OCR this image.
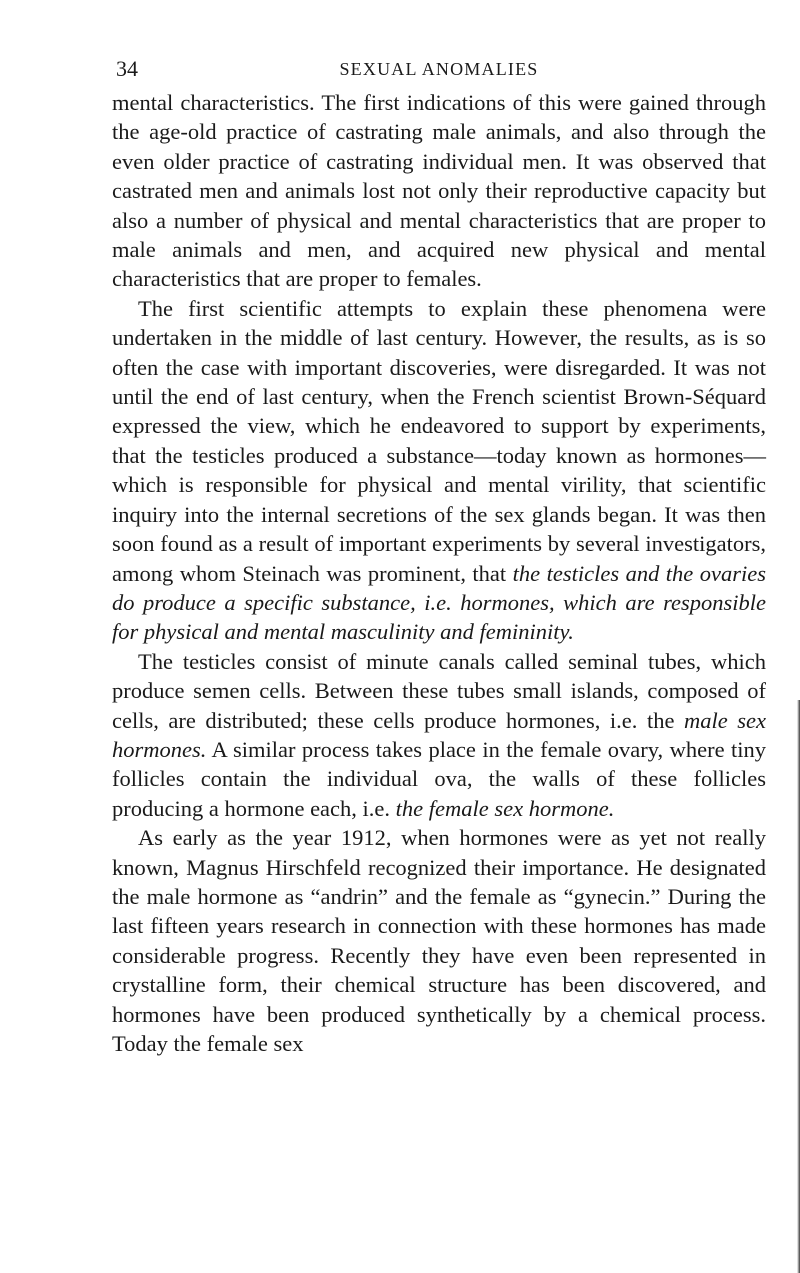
34	SEXUAL ANOMALIES

mental characteristics. The first indications of this were gained through the age-old practice of castrating male animals, and also through the even older practice of castrating individual men. It was observed that castrated men and animals lost not only their reproductive capacity but also a number of physical and mental characteristics that are proper to male animals and men, and acquired new physical and mental characteristics that are proper to females.

The first scientific attempts to explain these phenomena were undertaken in the middle of last century. However, the results, as is so often the case with important discoveries, were disregarded. It was not until the end of last century, when the French scientist Brown-Séquard expressed the view, which he endeavored to support by experiments, that the testicles produced a substance—today known as hormones—which is responsible for physical and mental virility, that scientific inquiry into the internal secretions of the sex glands began. It was then soon found as a result of important experiments by several investigators, among whom Steinach was prominent, that the testicles and the ovaries do produce a specific substance, i.e. hormones, which are responsible for physical and mental masculinity and femininity.

The testicles consist of minute canals called seminal tubes, which produce semen cells. Between these tubes small islands, composed of cells, are distributed; these cells produce hormones, i.e. the male sex hormones. A similar process takes place in the female ovary, where tiny follicles contain the individual ova, the walls of these follicles producing a hormone each, i.e. the female sex hormone.

As early as the year 1912, when hormones were as yet not really known, Magnus Hirschfeld recognized their importance. He designated the male hormone as “andrin” and the female as “gynecin.” During the last fifteen years research in connection with these hormones has made considerable progress. Recently they have even been represented in crystalline form, their chemical structure has been discovered, and hormones have been produced synthetically by a chemical process. Today the female sex
